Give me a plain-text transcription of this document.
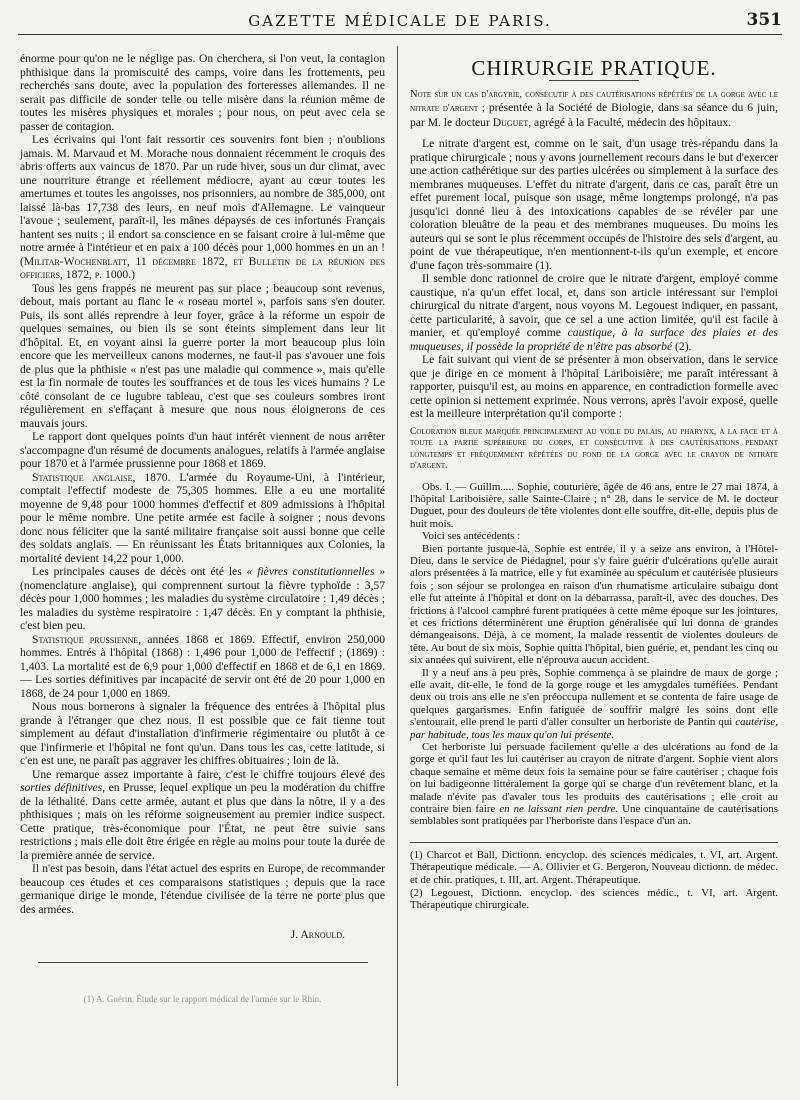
GAZETTE MÉDICALE DE PARIS.	351

énorme pour qu'on ne le néglige pas. On cherchera, si l'on veut, la contagion phthisique dans la promiscuité des camps, voire dans les frottements, peu recherchés sans doute, avec la population des forteresses allemandes. Il ne serait pas difficile de sonder telle ou telle misère dans la réunion même de toutes les misères physiques et morales ; pour nous, on peut avec cela se passer de contagion.

Les écrivains qui l'ont fait ressortir ces souvenirs font bien ; n'oublions jamais. M. Marvaud et M. Morache nous donnaient récemment le croquis des abris offerts aux vaincus de 1870. Par un rude hiver, sous un dur climat, avec une nourriture étrange et réellement médiocre, ayant au cœur toutes les amertumes et toutes les angoisses, nos prisonniers, au nombre de 385,000, ont laissé là-bas 17,738 des leurs, en neuf mois d'Allemagne. Le vainqueur l'avoue ; seulement, paraît-il, les mânes dépaysés de ces infortunés Français hantent ses nuits ; il endort sa conscience en se faisant croire à lui-même que notre armée à l'intérieur et en paix a 100 décès pour 1,000 hommes en un an ! (Militar-Wochenblatt, 11 décembre 1872, et Bulletin de la réunion des officiers, 1872, p. 1000.)

Tous les gens frappés ne meurent pas sur place ; beaucoup sont revenus, debout, mais portant au flanc le « roseau mortel », parfois sans s'en douter. Puis, ils sont allés reprendre à leur foyer, grâce à la réforme un espoir de quelques semaines, ou bien ils se sont éteints simplement dans leur lit d'hôpital. Et, en voyant ainsi la guerre porter la mort beaucoup plus loin encore que les merveilleux canons modernes, ne faut-il pas s'avouer une fois de plus que la phthisie « n'est pas une maladie qui commence », mais qu'elle est la fin normale de toutes les souffrances et de tous les vices humains ? Le côté consolant de ce lugubre tableau, c'est que ses couleurs sombres iront régulièrement en s'effaçant à mesure que nous nous éloignerons de ces mauvais jours.

Le rapport dont quelques points d'un haut intérêt viennent de nous arrêter s'accompagne d'un résumé de documents analogues, relatifs à l'armée anglaise pour 1870 et à l'armée prussienne pour 1868 et 1869.

Statistique anglaise, 1870. L'armée du Royaume-Uni, à l'intérieur, comptait l'effectif modeste de 75,305 hommes. Elle a eu une mortalité moyenne de 9,48 pour 1000 hommes d'effectif et 809 admissions à l'hôpital pour le même nombre. Une petite armée est facile à soigner ; nous devons donc nous féliciter que la santé militaire française soit aussi bonne que celle des soldats anglais. — En réunissant les États britanniques aux Colonies, la mortalité devient 14,22 pour 1,000.

Les principales causes de décès ont été les « fièvres constitutionnelles » (nomenclature anglaise), qui comprennent surtout la fièvre typhoïde : 3,57 décès pour 1,000 hommes ; les maladies du système circulatoire : 1,49 décès ; les maladies du système respiratoire : 1,47 décès. En y comptant la phthisie, c'est bien peu.

Statistique prussienne, années 1868 et 1869. Effectif, environ 250,000 hommes. Entrés à l'hôpital (1868) : 1,496 pour 1,000 de l'effectif ; (1869) : 1,403. La mortalité est de 6,9 pour 1,000 d'effectif en 1868 et de 6,1 en 1869. — Les sorties définitives par incapacité de servir ont été de 20 pour 1,000 en 1868, de 24 pour 1,000 en 1869.

Nous nous bornerons à signaler la fréquence des entrées à l'hôpital plus grande à l'étranger que chez nous. Il est possible que ce fait tienne tout simplement au défaut d'installation d'infirmerie régimentaire ou plutôt à ce que l'infirmerie et l'hôpital ne font qu'un. Dans tous les cas, cette latitude, si c'en est une, ne paraît pas aggraver les chiffres obituaires ; loin de là.

Une remarque assez importante à faire, c'est le chiffre toujours élevé des sorties définitives, en Prusse, lequel explique un peu la modération du chiffre de la léthalité. Dans cette armée, autant et plus que dans la nôtre, il y a des phthisiques ; mais on les réforme soigneusement au premier indice suspect. Cette pratique, très-économique pour l'État, ne peut être suivie sans restrictions ; mais elle doit être érigée en règle au moins pour toute la durée de la première année de service.

Il n'est pas besoin, dans l'état actuel des esprits en Europe, de recommander beaucoup ces études et ces comparaisons statistiques ; depuis que la race germanique dirige le monde, l'étendue civilisée de la terre ne porte plus que des armées.

J. Arnould.

(1) A. Guérin. Étude sur le rapport médical de l'armée sur le Rhin.
CHIRURGIE PRATIQUE.

Note sur un cas d'argyrie, consécutif à des cautérisations répétées de la gorge avec le nitrate d'argent ; présentée à la Société de Biologie, dans sa séance du 6 juin, par M. le docteur Duguet, agrégé à la Faculté, médecin des hôpitaux.

Le nitrate d'argent est, comme on le sait, d'un usage très-répandu dans la pratique chirurgicale ; nous y avons journellement recours dans le but d'exercer une action cathérétique sur des parties ulcérées ou simplement à la surface des membranes muqueuses. L'effet du nitrate d'argent, dans ce cas, paraît être un effet purement local, puisque son usage, même longtemps prolongé, n'a pas jusqu'ici donné lieu à des intoxications capables de se révéler par une coloration bleuâtre de la peau et des membranes muqueuses. Du moins les auteurs qui se sont le plus récemment occupés de l'histoire des sels d'argent, au point de vue thérapeutique, n'en mentionnent-t-ils qu'un exemple, et encore d'une façon très-sommaire (1).

Il semble donc rationnel de croire que le nitrate d'argent, employé comme caustique, n'a qu'un effet local, et, dans son article intéressant sur l'emploi chirurgical du nitrate d'argent, nous voyons M. Legouest indiquer, en passant, cette particularité, à savoir, que ce sel a une action limitée, qu'il est facile à manier, et qu'employé comme caustique, à la surface des plaies et des muqueuses, il possède la propriété de n'être pas absorbé (2).

Le fait suivant qui vient de se présenter à mon observation, dans le service que je dirige en ce moment à l'hôpital Lariboisière, me paraît intéressant à rapporter, puisqu'il est, au moins en apparence, en contradiction formelle avec cette opinion si nettement exprimée. Nous verrons, après l'avoir exposé, quelle est la meilleure interprétation qu'il comporte :

Coloration bleue marquée principalement au voile du palais, au pharynx, à la face et à toute la partie supérieure du corps, et consécutive à des cautérisations pendant longtemps et fréquemment répétées du fond de la gorge avec le crayon de nitrate d'argent.

Obs. I. — Guillm..... Sophie, couturière, âgée de 46 ans, entre le 27 mai 1874, à l'hôpital Lariboisière, salle Sainte-Claire ; n° 28, dans le service de M. le docteur Duguet, pour des douleurs de tête violentes dont elle souffre, dit-elle, depuis plus de huit mois.

Voici ses antécédents :

Bien portante jusque-là, Sophie est entrée, il y a seize ans environ, à l'Hôtel-Dieu, dans le service de Piédagnel, pour s'y faire guérir d'ulcérations qu'elle aurait alors présentées à la matrice, elle y fut examinée au spéculum et cautérisée plusieurs fois ; son séjour se prolongea en raison d'un rhumatisme articulaire subaigu dont elle fut atteinte à l'hôpital et dont on la débarrassa, paraît-il, avec des douches. Des frictions à l'alcool camphré furent pratiquées à cette même époque sur les jointures, et ces frictions déterminèrent une éruption généralisée qui lui donna de grandes démangeaisons. Déjà, à ce moment, la malade ressentit de violentes douleurs de tête. Au bout de six mois, Sophie quitta l'hôpital, bien guérie, et, pendant les cinq ou six années qui suivirent, elle n'éprouva aucun accident.

Il y a neuf ans à peu près, Sophie commença à se plaindre de maux de gorge ; elle avait, dit-elle, le fond de la gorge rouge et les amygdales tuméfiées. Pendant deux ou trois ans elle ne s'en préoccupa nullement et se contenta de faire usage de quelques gargarismes. Enfin fatiguée de souffrir malgré les soins dont elle s'entourait, elle prend le parti d'aller consulter un herboriste de Pantin qui cautérise, par habitude, tous les maux qu'on lui présente.

Cet herboriste lui persuade facilement qu'elle a des ulcérations au fond de la gorge et qu'il faut les lui cautériser au crayon de nitrate d'argent. Sophie vient alors chaque semaine et même deux fois la semaine pour se faire cautériser ; chaque fois on lui badigeonne littéralement la gorge qui se charge d'un revêtement blanc, et la malade n'évite pas d'avaler tous les produits des cautérisations ; elle croit au contraire bien faire en ne laissant rien perdre. Une cinquantaine de cautérisations semblables sont pratiquées par l'herboriste dans l'espace d'un an.

(1) Charcot et Ball, Dictionn. encyclop. des sciences médicales, t. VI, art. Argent. Thérapeutique médicale. — A. Ollivier et G. Bergeron, Nouveau dictionn. de médec. et de chir. pratiques, t. III, art. Argent. Thérapeutique.

(2) Legouest, Dictionn. encyclop. des sciences médic., t. VI, art. Argent. Thérapeutique chirurgicale.
